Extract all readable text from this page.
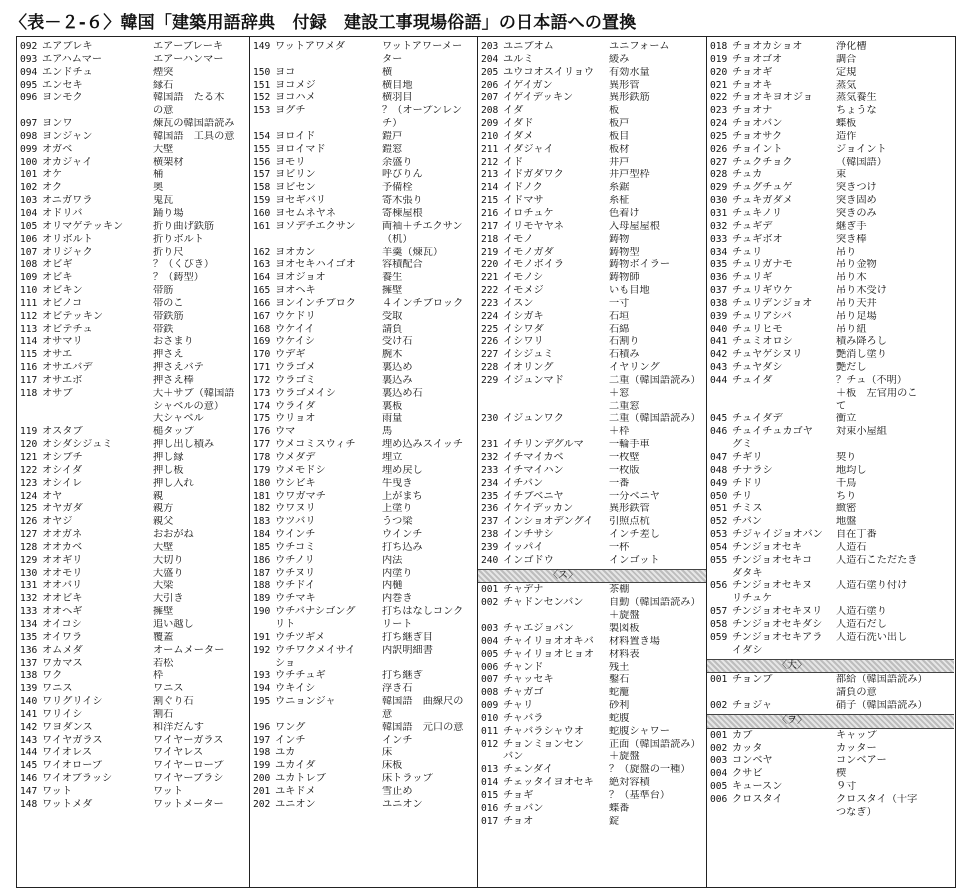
〈表－２-６〉韓国「建築用語辞典　付録　建設工事現場俗語」の日本語への置換
092 エアブレキ	エアーブレーキ
093 エアハムマー	エアーハンマー
094 エンドチュ	煙突
095 エンセキ	縁石
096 ヨンモク	韓国語　たる木
の意
097 ヨンワ	煉瓦の韓国語読み
098 ヨンジャン	韓国語　工具の意
099 オガベ	大壁
100 オカジャイ	横架材
101 オケ	桶
102 オク	奥
103 オニガワラ	鬼瓦
104 オドリバ	踊り場
105 オリマゲテッキン	折り曲げ鉄筋
106 オリボルト	折りボルト
107 オリジャク	折り尺
108 オビギ	？（くびき）
109 オビキ	？（鋳型）
110 オビキン	帯筋
111 オビノコ	帯のこ
112 オビテッキン	帯鉄筋
113 オビテチュ	帯鉄
114 オサマリ	おさまり
115 オサエ	押さえ
116 オサエバデ	押さえバテ
117 オサエボ	押さえ棒
118 オサブ	大＋サブ（韓国語
シャベルの意）
大シャベル
119 オスタブ	槌タップ
120 オシダシジュミ	押し出し積み
121 オシブチ	押し縁
122 オシイダ	押し板
123 オシイレ	押し入れ
124 オヤ	親
125 オヤガダ	親方
126 オヤジ	親父
127 オオガネ	おおがね
128 オオカベ	大壁
129 オオギリ	大切り
130 オオモリ	大盛り
131 オオバリ	大梁
132 オオビキ	大引き
133 オオヘギ	擁壁
134 オイコシ	追い越し
135 オイワラ	覆蓋
136 オムメダ	オームメーター
137 ワカマス	若松
138 ワク	枠
139 ワニス	ワニス
140 ワリグリイシ	割ぐり石
141 ワリイシ	割石
142 ワヨダンス	和洋だんす
143 ワイヤガラス	ワイヤーガラス
144 ワイオレス	ワイヤレス
145 ワイオロープ	ワイヤーロープ
146 ワイオブラッシ	ワイヤーブラシ
147 ワット	ワット
148 ワットメダ	ワットメーター
149 ワットアワメダ	ワットアワーメー
ター
150 ヨコ	横
151 ヨコメジ	横目地
152 ヨコハメ	横羽目
153 ヨグチ	？（オープンレン
チ）
154 ヨロイド	鎧戸
155 ヨロイマド	鎧窓
156 ヨモリ	余盛り
157 ヨビリン	呼びりん
158 ヨビセン	予備栓
159 ヨセギバリ	寄木張り
160 ヨセムネヤネ	寄棟屋根
161 ヨソデチエクサン	両袖＋チエクサン
（机）
162 ヨオカン	羊羹（煉瓦）
163 ヨオセキハイゴオ	容積配合
164 ヨオジョオ	養生
165 ヨオヘキ	擁壁
166 ヨンインチブロク	４インチブロック
167 ウケドリ	受取
168 ウケイイ	請負
169 ウケイシ	受け石
170 ウデギ	腕木
171 ウラゴメ	裏込め
172 ウラゴミ	裏込み
173 ウラゴメイシ	裏込め石
174 ウライダ	裏板
175 ウリョオ	雨量
176 ウマ	馬
177 ウメコミスウィチ	埋め込みスイッチ
178 ウメダデ	埋立
179 ウメモドシ	埋め戻し
180 ウシビキ	牛曳き
181 ウワガマチ	上がまち
182 ウワヌリ	上塗り
183 ウツバリ	うつ梁
184 ウインチ	ウインチ
185 ウチコミ	打ち込み
186 ウチノリ	内法
187 ウチヌリ	内塗り
188 ウチドイ	内樋
189 ウチマキ	内巻き
190 ウチバナシゴング	打ちはなしコンク
リト	リート
191 ウチツギメ	打ち継ぎ目
192 ウチワクメイサイ	内訳明細書
ショ
193 ウチチュギ	打ち継ぎ
194 ウキイシ	浮き石
195 ウニョンジャ	韓国語　曲線尺の
意
196 ワング	韓国語　元口の意
197 インチ	インチ
198 ユカ	床
199 ユカイダ	床板
200 ユカトレブ	床トラップ
201 ユキドメ	雪止め
202 ユニオン	ユニオン
203 ユニブオム	ユニフォーム
204 ユルミ	緩み
205 ユウコオスイリョウ	有効水量
206 イゲイガン	異形管
207 イゲイデッキン	異形鉄筋
208 イダ	板
209 イダド	板戸
210 イダメ	板目
211 イダジャイ	板材
212 イド	井戸
213 イドガダワク	井戸型枠
214 イドノク	糸鋸
215 イドマサ	糸柾
216 イロチュケ	色着け
217 イリモヤヤネ	入母屋屋根
218 イモノ	鋳物
219 イモノガダ	鋳物型
220 イモノボイラ	鋳物ボイラー
221 イモノシ	鋳物師
222 イモメジ	いも目地
223 イスン	一寸
224 イシガキ	石垣
225 イシワダ	石綿
226 イシワリ	石割り
227 イシジュミ	石積み
228 イオリング	イヤリング
229 イジュンマド	二重（韓国語読み）
＋窓
二重窓
230 イジュンワク	二重（韓国語読み）
＋枠
231 イチリンデグルマ	一輪手車
232 イチマイカベ	一枚壁
233 イチマイハン	一枚版
234 イチバン	一番
235 イチブベニヤ	一分ベニヤ
236 イケイデッカン	異形鉄管
237 インショオデングイ	引照点杭
238 インチサシ	インチ差し
239 イッパイ	一杯
240 インゴドウ	インゴット
〈ス〉
001 チャデナ	茶棚
002 チャドンセンバン	自動（韓国語読み）
＋旋盤
003 チャエジョバン	製図板
004 チャイリョオオキバ	材料置き場
005 チャイリョオヒョオ	材料表
006 チャンド	残土
007 チャッセキ	鑿石
008 チャガゴ	蛇籠
009 チャリ	砂利
010 チャバラ	蛇腹
011 チャバラシャウオ	蛇腹シャワー
012 チョンミョンセン	正面（韓国語読み）
バン	＋旋盤
013 チェンダイ	？（旋盤の一種）
014 チェッタイヨオセキ	絶対容積
015 チョギ	？（基準台）
016 チョバン	蝶番
017 チョオ	錠
018 チョオカショオ	浄化槽
019 チョオゴオ	調合
020 チョオギ	定規
021 チョオキ	蒸気
022 チョオキヨオジョ	蒸気養生
023 チョオナ	ちょうな
024 チョオバン	蝶板
025 チョオサク	造作
026 チョイント	ジョイント
027 チュクチョク	（韓国語）
028 チュカ	束
029 チュグチュゲ	突きつけ
030 チュキガダメ	突き固め
031 チュキノリ	突きのみ
032 チュギデ	継ぎ手
033 チュギボオ	突き棒
034 チュリ	吊り
035 チュリガナモ	吊り金物
036 チュリギ	吊り木
037 チュリギウケ	吊り木受け
038 チュリデンジョオ	吊り天井
039 チュリアシバ	吊り足場
040 チュリヒモ	吊り紐
041 チュミオロシ	積み降ろし
042 チュヤゲシヌリ	艶消し塗り
043 チュヤダシ	艶だし
044 チュイダ	？チュ（不明）
＋板　左官用のこ
て
045 チュイダデ	衝立
046 チュイチュカゴヤ	対束小屋組
グミ
047 チギリ	契り
048 チナラシ	地均し
049 チドリ	千鳥
050 チリ	ちり
051 チミス	緻密
052 チバン	地盤
053 チジャイジョオバン	自在丁番
054 チンジョオセキ	人造石
055 チンジョオセキコ	人造石こただたき
ダタキ
056 チンジョオセキヌ	人造石塗り付け
リチュケ
057 チンジョオセキヌリ	人造石塗り
058 チンジョオセキダシ	人造石だし
059 チンジョオセキアラ	人造石洗い出し
イダシ
〈大〉
001 チョンブ	都給（韓国語読み）
請負の意
002 チョジャ	硝子（韓国語読み）
〈ヲ〉
001 カブ	キャップ
002 カッタ	カッター
003 コンベヤ	コンベアー
004 クサビ	楔
005 キュースン	９寸
006 クロスタイ	クロスタイ（十字
つなぎ）
